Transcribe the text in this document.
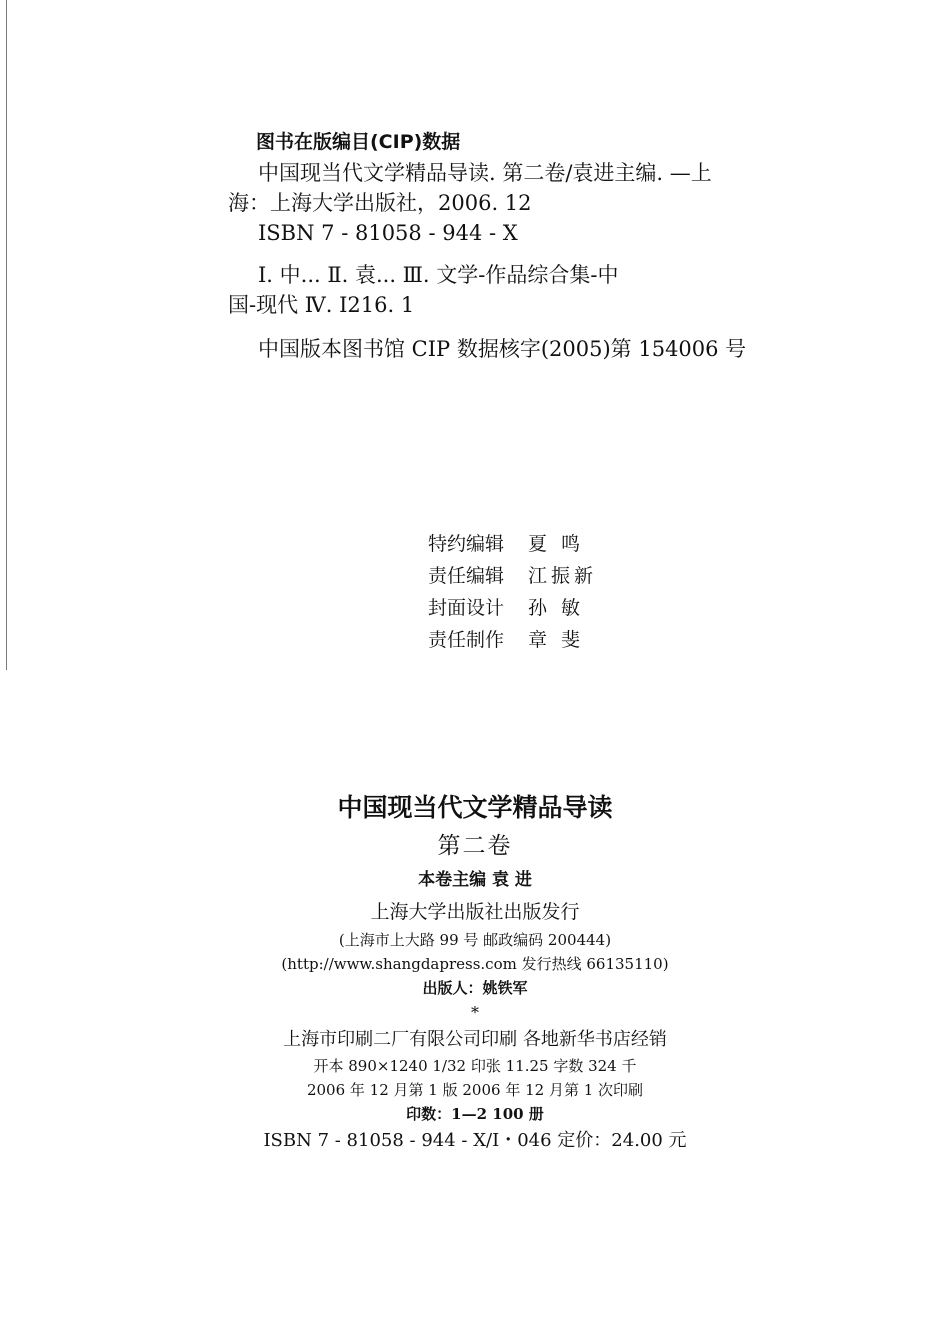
图书在版编目(CIP)数据

中国现当代文学精品导读. 第二卷/袁进主编. —上

海：上海大学出版社，2006. 12

ISBN 7 - 81058 - 944 - X

Ⅰ. 中... Ⅱ. 袁... Ⅲ. 文学-作品综合集-中

国-现代 Ⅳ. I216. 1

中国版本图书馆 CIP 数据核字(2005)第 154006 号

特约编辑	夏 鸣
责任编辑	江振新
封面设计	孙 敏
责任制作	章 斐
中国现当代文学精品导读
第二卷
本卷主编 袁 进
上海大学出版社出版发行
(上海市上大路 99 号 邮政编码 200444)
(http://www.shangdapress.com 发行热线 66135110)
出版人：姚铁军
*
上海市印刷二厂有限公司印刷 各地新华书店经销
开本 890×1240 1/32 印张 11.25 字数 324 千
2006 年 12 月第 1 版 2006 年 12 月第 1 次印刷
印数：1—2 100 册
ISBN 7 - 81058 - 944 - X/I・046 定价：24.00 元
